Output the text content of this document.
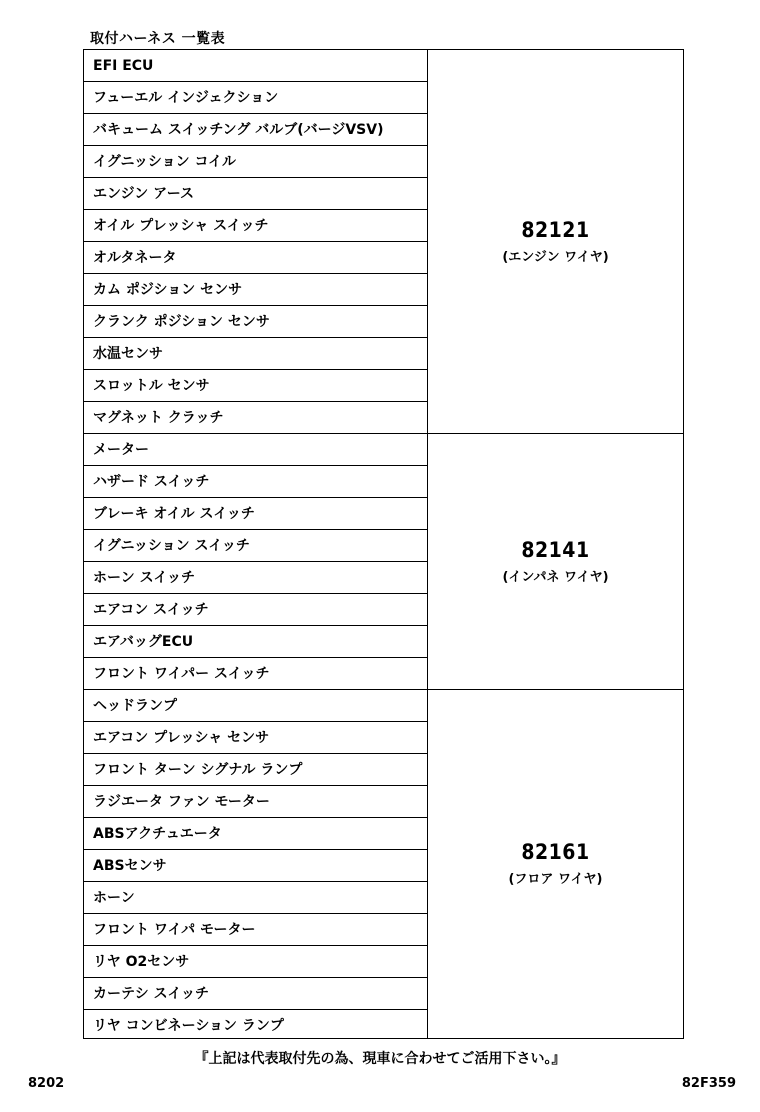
取付ハーネス 一覧表
EFI ECU
フューエル インジェクション
バキューム スイッチング バルブ(バージVSV)
イグニッション コイル
エンジン アース
オイル プレッシャ スイッチ
オルタネータ
カム ポジション センサ
クランク ポジション センサ
水温センサ
スロットル センサ
マグネット クラッチ
メーター
ハザード スイッチ
ブレーキ オイル スイッチ
イグニッション スイッチ
ホーン スイッチ
エアコン スイッチ
エアバッグECU
フロント ワイパー スイッチ
ヘッドランプ
エアコン プレッシャ センサ
フロント ターン シグナル ランプ
ラジエータ ファン モーター
ABSアクチュエータ
ABSセンサ
ホーン
フロント ワイパ モーター
リヤ O2センサ
カーテシ スイッチ
リヤ コンビネーション ランプ
82121
(エンジン ワイヤ)
82141
(インパネ ワイヤ)
82161
(フロア ワイヤ)
『上記は代表取付先の為、現車に合わせてご活用下さい。』
8202	82F359
